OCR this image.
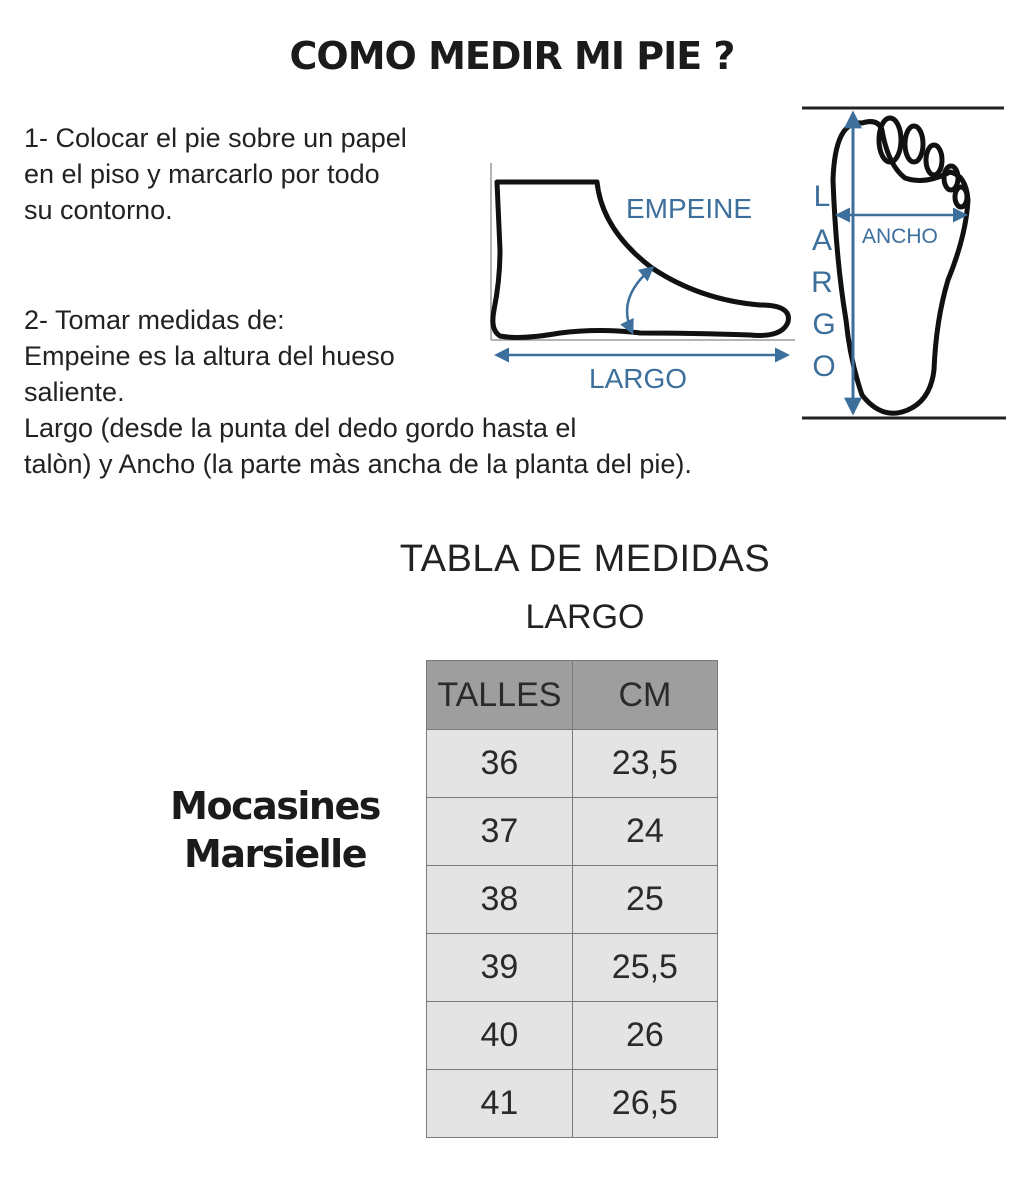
COMO MEDIR MI PIE ?

1- Colocar el pie sobre un papel
en el piso y marcarlo por todo
su contorno.

2- Tomar medidas de:
Empeine es la altura del hueso
saliente.

Largo (desde la punta del dedo gordo hasta el
talòn) y Ancho (la parte màs ancha de la planta del pie).

EMPEINE
LARGO
ANCHO
L
A
R
G
O
TABLA DE MEDIDAS
LARGO
Mocasines
Marsielle
TALLES	CM
36	23,5
37	24
38	25
39	25,5
40	26
41	26,5
